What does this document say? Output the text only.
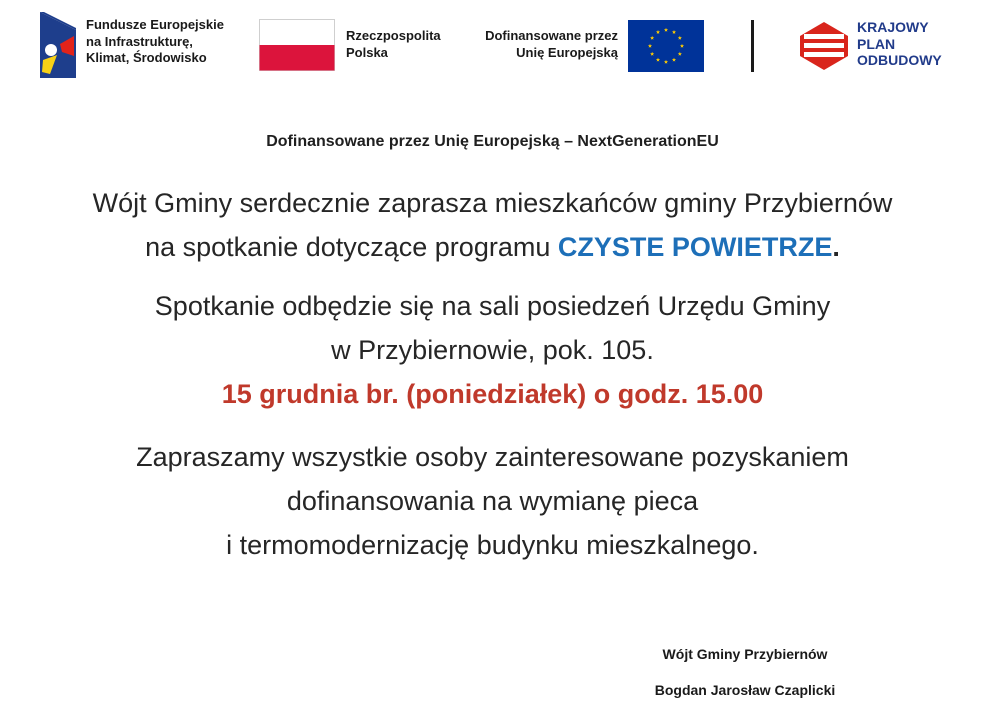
Fundusze Europejskie
na Infrastrukturę,
Klimat, Środowisko
Rzeczpospolita
Polska
Dofinansowane przez
Unię Europejską
KRAJOWY
PLAN
ODBUDOWY
Dofinansowane przez Unię Europejską – NextGenerationEU
Wójt Gminy serdecznie zaprasza mieszkańców gminy Przybiernów
na spotkanie dotyczące programu CZYSTE POWIETRZE.
Spotkanie odbędzie się na sali posiedzeń Urzędu Gminy
w Przybiernowie, pok. 105.
15 grudnia br. (poniedziałek) o godz. 15.00
Zapraszamy wszystkie osoby zainteresowane pozyskaniem
dofinansowania na wymianę pieca
i termomodernizację budynku mieszkalnego.
Wójt Gminy Przybiernów
Bogdan Jarosław Czaplicki
